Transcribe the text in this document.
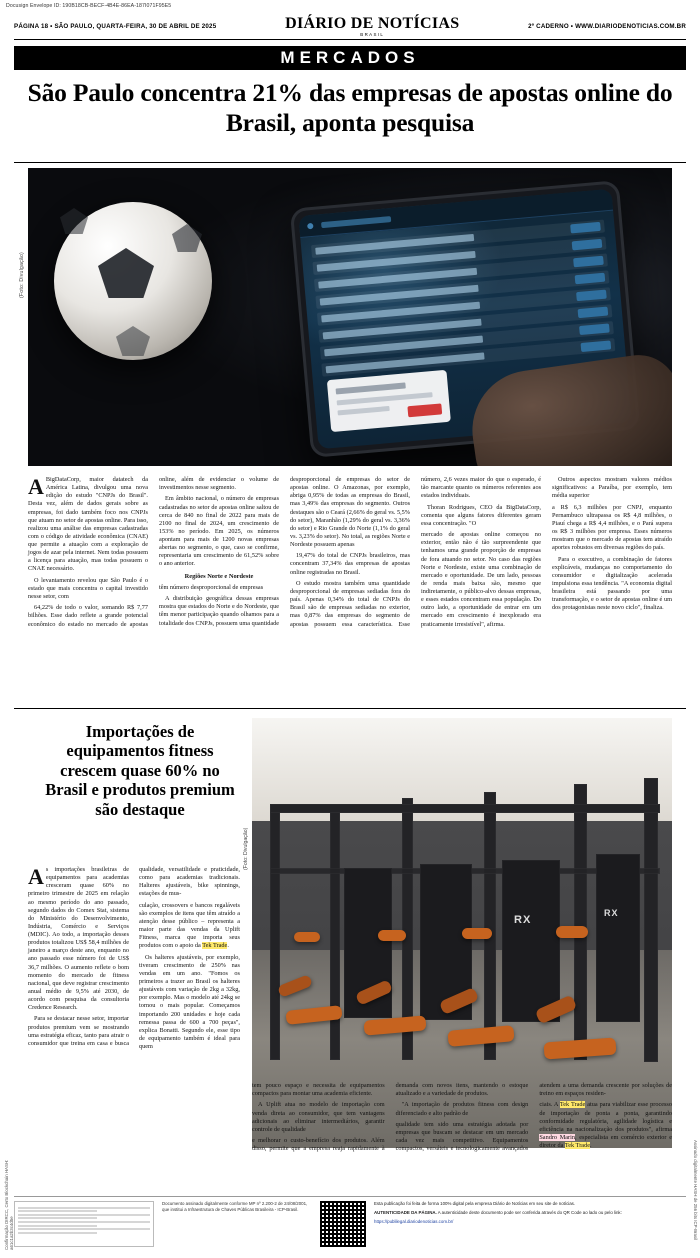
Docusign Envelope ID: 190B18CB-BECF-4B4E-86EA-187I071F95E5
PÁGINA 18 • SÃO PAULO, QUARTA-FEIRA, 30 DE ABRIL DE 2025	DIÁRIO DE NOTÍCIAS
BRASIL
2º CADERNO • WWW.DIARIODENOTICIAS.COM.BR
MERCADOS
São Paulo concentra 21% das empresas de apostas online do Brasil, aponta pesquisa
(Foto: Divulgação)

A BigDataCorp, maior datatech da América Latina, divulgou uma nova edição do estudo "CNPJs do Brasil". Desta vez, além de dados gerais sobre as empresas, foi dado também foco nos CNPJs que atuam no setor de apostas online. Para isso, realizou uma análise das empresas cadastradas com o código de atividade econômica (CNAE) que permite a atuação com a exploração de jogos de azar pela internet. Nem todas possuem a licença para atuação, mas todas possuem o CNAE necessário.

O levantamento revelou que São Paulo é o estado que mais concentra o capital investido nesse setor, com

64,22% de todo o valor, somando R$ 7,77 bilhões. Esse dado reflete a grande potencial econômico do estado no mercado de apostas online, além de evidenciar o volume de investimentos nesse segmento.

Em âmbito nacional, o número de empresas cadastradas no setor de apostas online saltou de cerca de 840 no final de 2022 para mais de 2100 no final de 2024, um crescimento de 153% no período. Em 2025, os números apontam para mais de 1200 novas empresas abertas no segmento, o que, caso se confirme, representaria um crescimento de 61,52% sobre o ano anterior.

Regiões Norte e Nordeste

têm número desproporcional de empresas

A distribuição geográfica dessas empresas mostra que estados do Norte e do Nordeste, que têm menor participação quando olhamos para a totalidade dos CNPJs, possuem uma quantidade desproporcional de empresas do setor de apostas online. O Amazonas, por exemplo, abriga 0,95% de todas as empresas do Brasil, mas 3,49% das empresas do segmento. Outros destaques são o Ceará (2,66% do geral vs. 5,5% do setor), Maranhão (1,29% do geral vs. 3,36% do setor) e Rio Grande do Norte (1,1% do geral vs. 3,23% do setor). No total, as regiões Norte e Nordeste possuem apenas

19,47% do total de CNPJs brasileiros, mas concentram 37,34% das empresas de apostas online registradas no Brasil.

O estudo mostra também uma quantidade desproporcional de empresas sediadas fora do país. Apenas 0,34% do total de CNPJs do Brasil são de empresas sediadas no exterior, mas 0,87% das empresas do segmento de apostas possuem essa característica. Esse número, 2,6 vezes maior do que o esperado, é tão marcante quanto os números referentes aos estados individuais.

Thoran Rodrigues, CEO da BigDataCorp, comenta que alguns fatores diferentes geram essa concentração. "O

mercado de apostas online começou no exterior, então não é tão surpreendente que tenhamos uma grande proporção de empresas de fora atuando no setor. No caso das regiões Norte e Nordeste, existe uma combinação de mercado e oportunidade. De um lado, pessoas de renda mais baixa são, mesmo que indiretamente, o público-alvo dessas empresas, e esses estados concentram essa população. Do outro lado, a oportunidade de entrar em um mercado em crescimento é inexplorado era praticamente irresistível", afirma.

Outros aspectos mostram valores médios significativos: a Paraíba, por exemplo, tem média superior

a R$ 6,3 milhões por CNPJ, enquanto Pernambuco ultrapassa os R$ 4,8 milhões, o Piauí chega a R$ 4,4 milhões, e o Pará supera os R$ 3 milhões por empresa. Esses números mostram que o mercado de apostas tem atraído aportes robustos em diversas regiões do país.

Para o executivo, a combinação de fatores explicáveis, mudanças no comportamento do consumidor e digitalização acelerada impulsiona essa tendência. "A economia digital brasileira está passando por uma transformação, e o setor de apostas online é um dos protagonistas neste novo ciclo", finaliza.

Importações de equipamentos fitness crescem quase 60% no Brasil e produtos premium são destaque
(Foto: Divulgação)
RX
RX

As importações brasileiras de equipamentos para academias cresceram quase 60% no primeiro trimestre de 2025 em relação ao mesmo período do ano passado, segundo dados do Comex Stat, sistema do Ministério do Desenvolvimento, Indústria, Comércio e Serviços (MDIC). Ao todo, a importação desses produtos totalizou US$ 58,4 milhões de janeiro a março deste ano, enquanto no ano passado esse número foi de US$ 36,7 milhões. O aumento reflete o bom momento do mercado de fitness nacional, que deve registrar crescimento anual médio de 9,5% até 2030, de acordo com pesquisa da consultoria Credence Research.

Para se destacar nesse setor, importar produtos premium vem se mostrando uma estratégia eficaz, tanto para atrair o consumidor que treina em casa e busca qualidade, versatilidade e praticidade, como para academias tradicionais. Halteres ajustáveis, bike spinnings, estações de mus-

culação, crossovers e bancos regaláveis são exemplos de itens que têm atraído a atenção desse público – representa a maior parte das vendas da Uplift Fitness, marca que importa seus produtos com o apoio da Tek Trade.

Os halteres ajustáveis, por exemplo, tiveram crescimento de 250% nas vendas em um ano. "Fomos os primeiros a trazer ao Brasil os halteres ajustáveis com variação de 2kg a 32kg, por exemplo. Mas o modelo até 24kg se tornou o mais popular. Começamos importando 200 unidades e hoje cada remessa passa de 600 a 700 peças", explica Bonatti. Segundo ele, esse tipo de equipamento também é ideal para quem

tem pouco espaço e necessita de equipamentos compactos para montar uma academia eficiente.

A Uplift atua no modelo de importação com venda direta ao consumidor, que tem vantagens adicionais ao eliminar intermediários, garantir controle de qualidade

e melhorar o custo-benefício dos produtos. Além disso, permite que a empresa reaja rapidamente à demanda com novos itens, mantendo o estoque atualizado e a variedade de produtos.

"A importação de produtos fitness com design diferenciado e alto padrão de

qualidade tem sido uma estratégia adotada por empresas que buscam se destacar em um mercado cada vez mais competitivo. Equipamentos compactos, versáteis e tecnologicamente avançados atendem a uma demanda crescente por soluções de treino em espaços residen-

ciais. A Tek Trade atua para viabilizar esse processo de importação de ponta a ponta, garantindo conformidade regulatória, agilidade logística e eficiência na nacionalização dos produtos", afirma Sandro Marin, especialista em comércio exterior e diretor da Tek Trade.

Confirmação DIRCC, Certo Blockchain HASH: a61c1a2b3c4d5e	Assinado digitalmente HASH de 256 bits ICP-Brasil
Documento assinado digitalmente conforme MP nº 2.200-2 de 24/08/2001, que institui a Infraestrutura de Chaves Públicas Brasileira - ICP-Brasil.
Esta publicação foi feita de forma 100% digital pela empresa Diário de Notícias em seu site de notícias.
AUTENTICIDADE DA PÁGINA. A autenticidade deste documento pode ser conferida através do QR Code ao lado ou pelo link:
https://publilegal.diariodenoticias.com.br/
